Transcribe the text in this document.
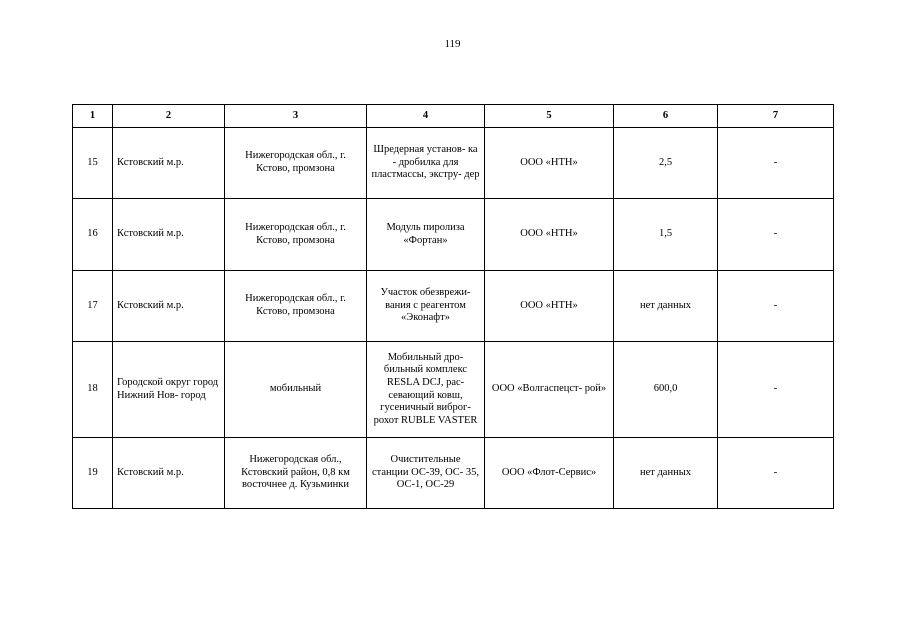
119
1	2	3	4	5	6	7
15	Кстовский м.р.	Нижегородская обл., г. Кстово, промзона	Шредерная установ- ка - дробилка для пластмассы, экстру- дер	ООО «НТН»	2,5	-
16	Кстовский м.р.	Нижегородская обл., г. Кстово, промзона	Модуль пиролиза «Фортан»	ООО «НТН»	1,5	-
17	Кстовский м.р.	Нижегородская обл., г. Кстово, промзона	Участок обезврежи- вания с реагентом «Эконафт»	ООО «НТН»	нет данных	-
18	Городской округ город Нижний Нов- город	мобильный	Мобильный дро- бильный комплекс RESLA DCJ, рас- севающий ковш, гусеничный виброг- рохот RUBLE VASTER	ООО «Волгаспецст- рой»	600,0	-
19	Кстовский м.р.	Нижегородская обл., Кстовский район, 0,8 км восточнее д. Кузьминки	Очистительные станции ОС-39, ОС- 35, ОС-1, ОС-29	ООО «Флот-Сервис»	нет данных	-
